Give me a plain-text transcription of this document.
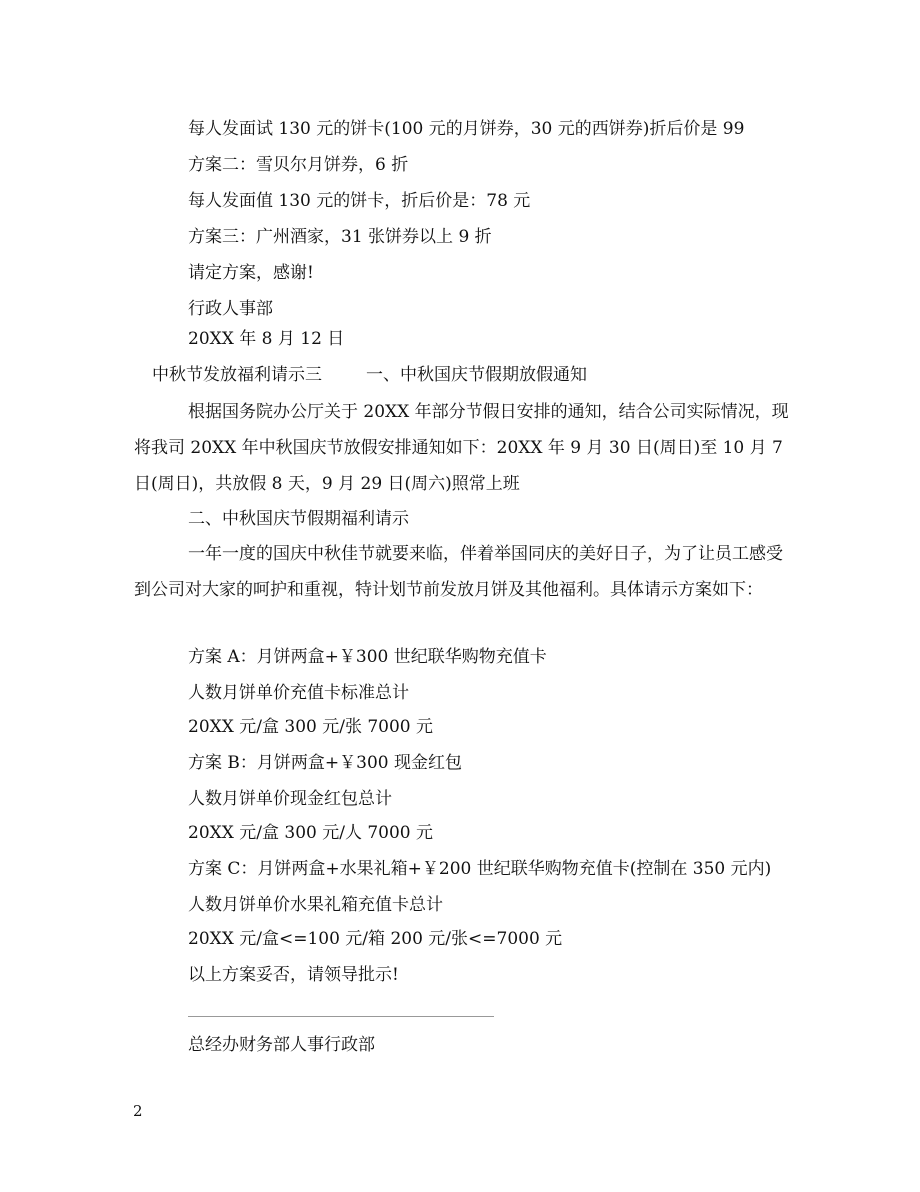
每人发面试 130 元的饼卡(100 元的月饼券，30 元的西饼券)折后价是 99
方案二：雪贝尔月饼券，6 折
每人发面值 130 元的饼卡，折后价是：78 元
方案三：广州酒家，31 张饼券以上 9 折
请定方案，感谢!
行政人事部
20XX 年 8 月 12 日
中秋节发放福利请示三	一、中秋国庆节假期放假通知
根据国务院办公厅关于 20XX 年部分节假日安排的通知，结合公司实际情况，现将我司 20XX 年中秋国庆节放假安排通知如下：20XX 年 9 月 30 日(周日)至 10 月 7 日(周日)，共放假 8 天，9 月 29 日(周六)照常上班
二、中秋国庆节假期福利请示
一年一度的国庆中秋佳节就要来临，伴着举国同庆的美好日子，为了让员工感受到公司对大家的呵护和重视，特计划节前发放月饼及其他福利。具体请示方案如下：
方案 A：月饼两盒+￥300 世纪联华购物充值卡
人数月饼单价充值卡标准总计
20XX 元/盒 300 元/张 7000 元
方案 B：月饼两盒+￥300 现金红包
人数月饼单价现金红包总计
20XX 元/盒 300 元/人 7000 元
方案 C：月饼两盒+水果礼箱+￥200 世纪联华购物充值卡(控制在 350 元内)
人数月饼单价水果礼箱充值卡总计
20XX 元/盒<=100 元/箱 200 元/张<=7000 元
以上方案妥否，请领导批示!
总经办财务部人事行政部
2
